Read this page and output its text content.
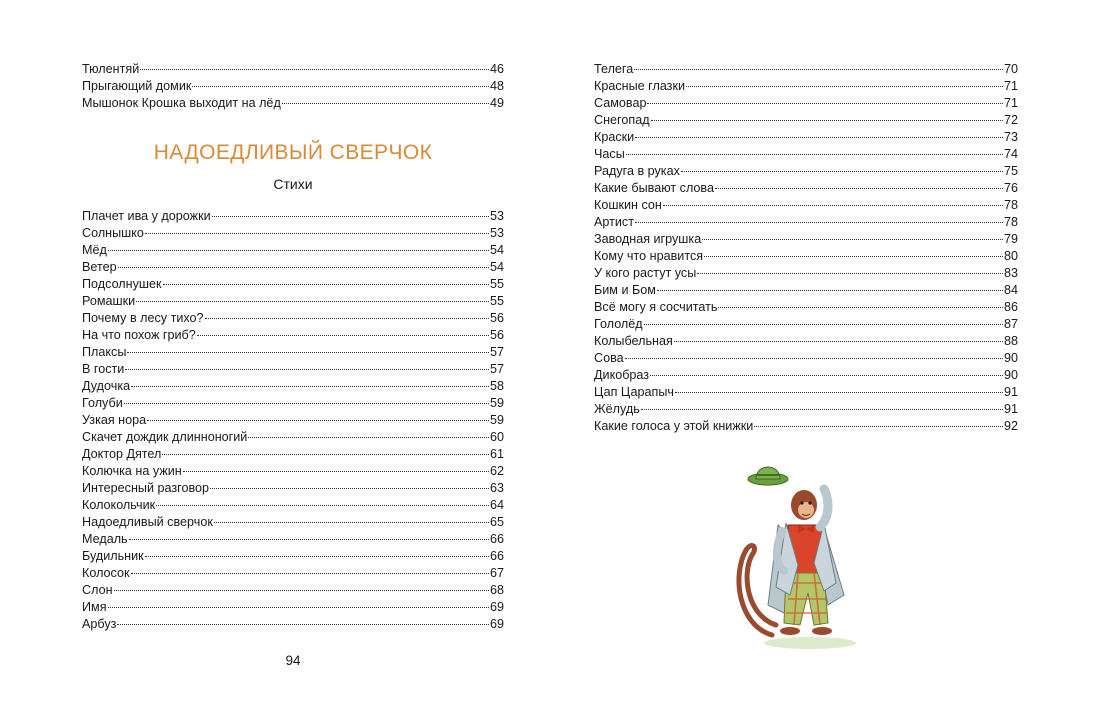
Тюлентяй	46
Прыгающий домик	48
Мышонок Крошка выходит на лёд	49
НАДОЕДЛИВЫЙ СВЕРЧОК
Стихи
Плачет ива у дорожки	53
Солнышко	53
Мёд	54
Ветер	54
Подсолнушек	55
Ромашки	55
Почему в лесу тихо?	56
На что похож гриб?	56
Плаксы	57
В гости	57
Дудочка	58
Голуби	59
Узкая нора	59
Скачет дождик длинноногий	60
Доктор Дятел	61
Колючка на ужин	62
Интересный разговор	63
Колокольчик	64
Надоедливый сверчок	65
Медаль	66
Будильник	66
Колосок	67
Слон	68
Имя	69
Арбуз	69
Телега	70
Красные глазки	71
Самовар	71
Снегопад	72
Краски	73
Часы	74
Радуга в руках	75
Какие бывают слова	76
Кошкин сон	78
Артист	78
Заводная игрушка	79
Кому что нравится	80
У кого растут усы	83
Бим и Бом	84
Всё могу я сосчитать	86
Гололёд	87
Колыбельная	88
Сова	90
Дикобраз	90
Цап Царапыч	91
Жёлудь	91
Какие голоса у этой книжки	92
94
